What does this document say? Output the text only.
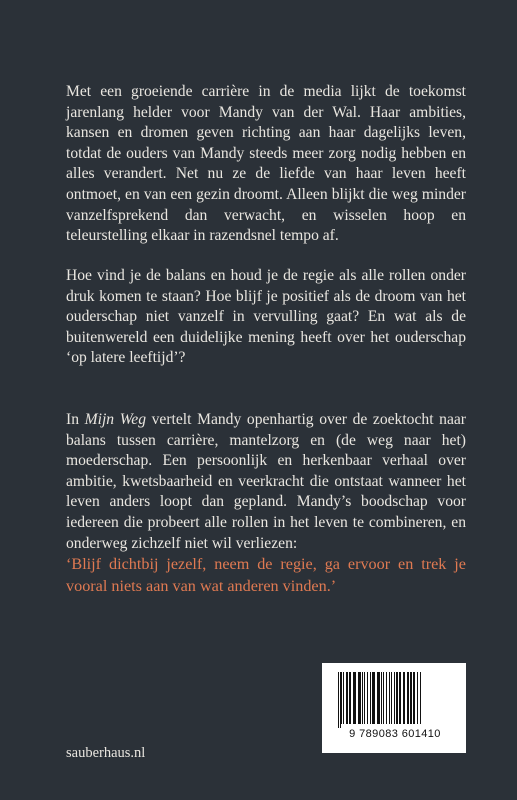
Met een groeiende carrière in de media lijkt de toekomst jarenlang helder voor Mandy van der Wal. Haar ambities, kansen en dromen geven richting aan haar dagelijks leven, totdat de ouders van Mandy steeds meer zorg nodig hebben en alles verandert. Net nu ze de liefde van haar leven heeft ontmoet, en van een gezin droomt. Alleen blijkt die weg minder vanzelfsprekend dan verwacht, en wisselen hoop en teleurstelling elkaar in razendsnel tempo af.

Hoe vind je de balans en houd je de regie als alle rollen onder druk komen te staan? Hoe blijf je positief als de droom van het ouderschap niet vanzelf in vervulling gaat? En wat als de buitenwereld een duidelijke mening heeft over het ouderschap ‘op latere leeftijd’?

In Mijn Weg vertelt Mandy openhartig over de zoektocht naar balans tussen carrière, mantelzorg en (de weg naar het) moederschap. Een persoonlijk en herkenbaar verhaal over ambitie, kwetsbaarheid en veerkracht die ontstaat wanneer het leven anders loopt dan gepland. Mandy’s boodschap voor iedereen die probeert alle rollen in het leven te combineren, en onderweg zichzelf niet wil verliezen:

‘Blijf dichtbij jezelf, neem de regie, ga ervoor en trek je vooral niets aan van wat anderen vinden.’

sauberhaus.nl
9 789083 601410
